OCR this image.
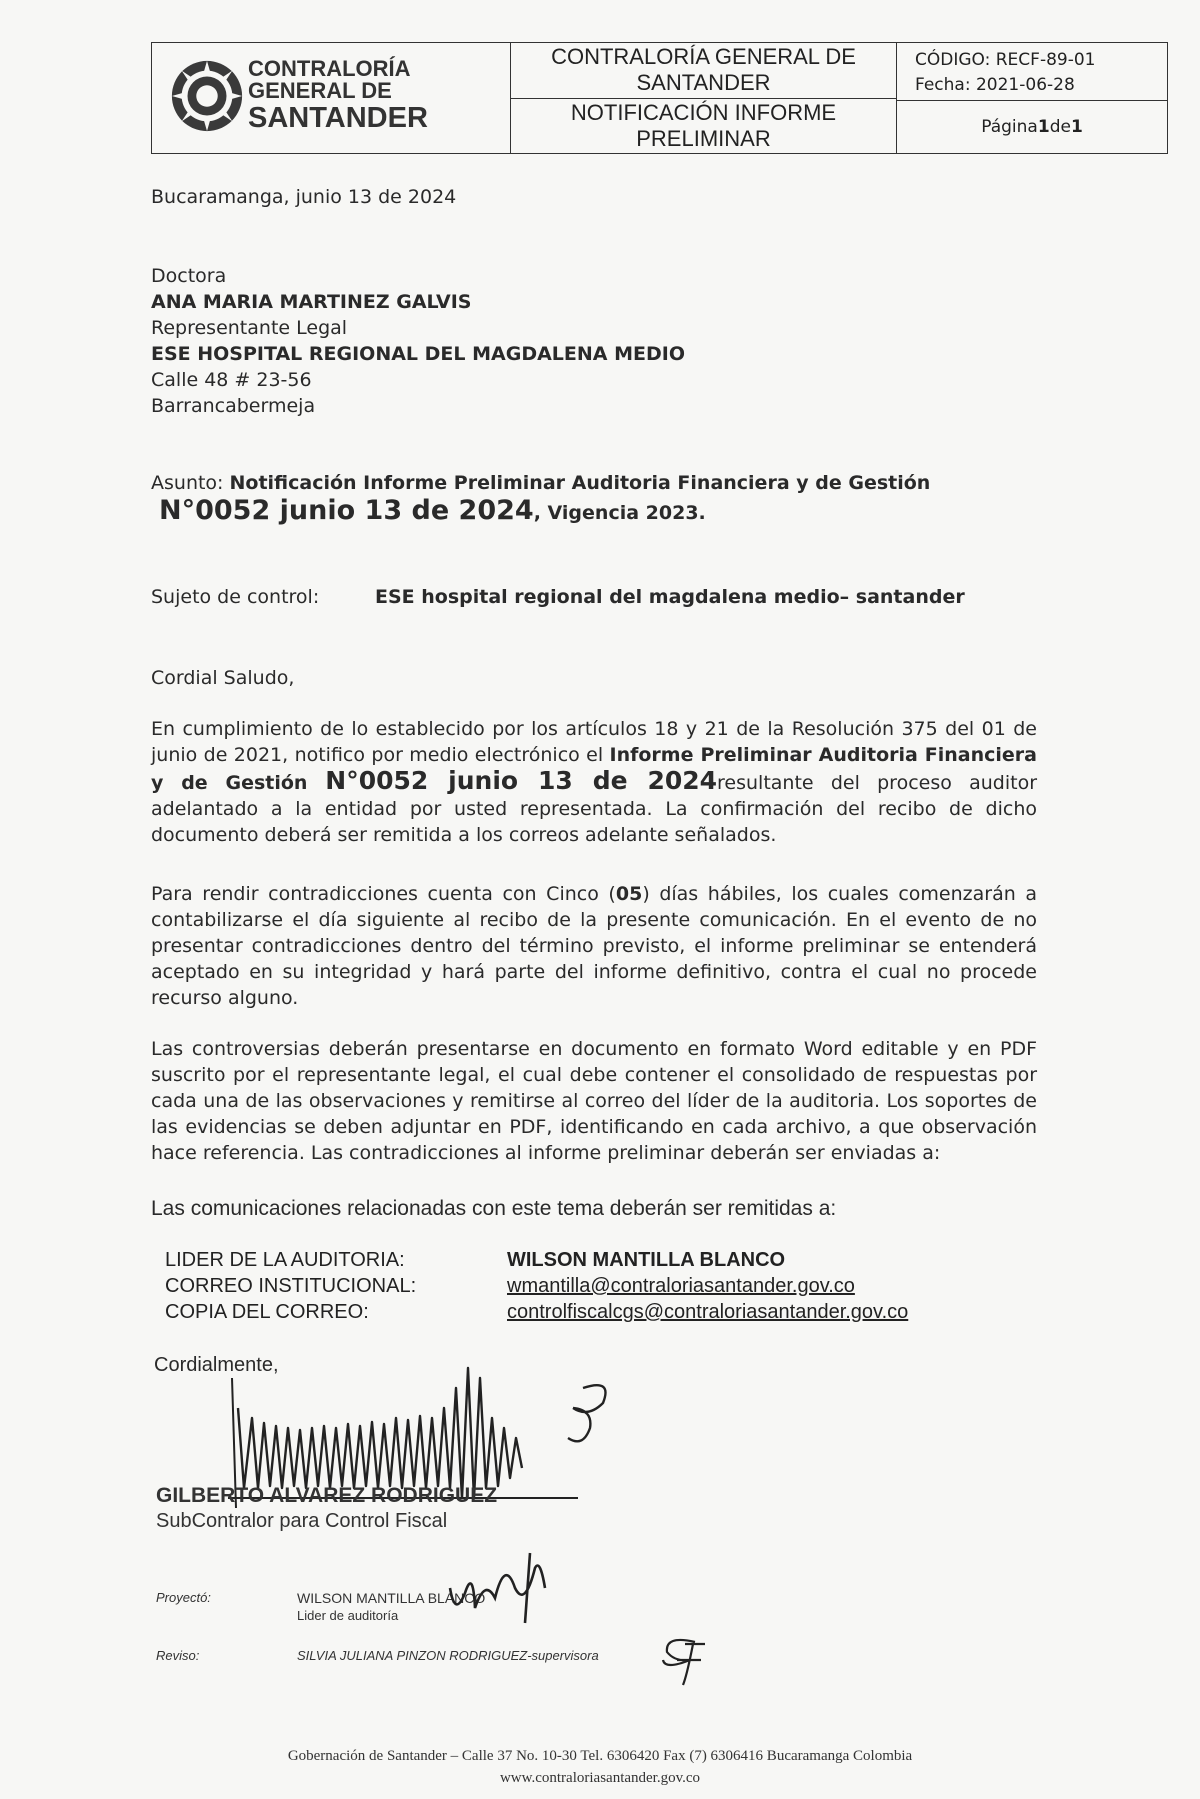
CONTRALORÍA
GENERAL DE
SANTANDER
CONTRALORÍA GENERAL DE SANTANDER
NOTIFICACIÓN INFORME PRELIMINAR
CÓDIGO: RECF-89-01
Fecha: 2021-06-28
Página 1 de 1
Bucaramanga, junio 13 de 2024
Doctora
ANA MARIA MARTINEZ GALVIS
Representante Legal
ESE HOSPITAL REGIONAL DEL MAGDALENA MEDIO
Calle 48 # 23-56
Barrancabermeja
Asunto: Notificación Informe Preliminar Auditoria Financiera y de Gestión
N°0052 junio 13 de 2024, Vigencia 2023.
Sujeto de control:	ESE hospital regional del magdalena medio– santander
Cordial Saludo,
En cumplimiento de lo establecido por los artículos 18 y 21 de la Resolución 375 del 01 de junio de 2021, notifico por medio electrónico el Informe Preliminar Auditoria Financiera y de Gestión N°0052 junio 13 de 2024resultante del proceso auditor adelantado a la entidad por usted representada. La confirmación del recibo de dicho documento deberá ser remitida a los correos adelante señalados.
Para rendir contradicciones cuenta con Cinco (05) días hábiles, los cuales comenzarán a contabilizarse el día siguiente al recibo de la presente comunicación. En el evento de no presentar contradicciones dentro del término previsto, el informe preliminar se entenderá aceptado en su integridad y hará parte del informe definitivo, contra el cual no procede recurso alguno.
Las controversias deberán presentarse en documento en formato Word editable y en PDF suscrito por el representante legal, el cual debe contener el consolidado de respuestas por cada una de las observaciones y remitirse al correo del líder de la auditoria. Los soportes de las evidencias se deben adjuntar en PDF, identificando en cada archivo, a que observación hace referencia. Las contradicciones al informe preliminar deberán ser enviadas a:
Las comunicaciones relacionadas con este tema deberán ser remitidas a:
LIDER DE LA AUDITORIA:	WILSON MANTILLA BLANCO
CORREO INSTITUCIONAL:	wmantilla@contraloriasantander.gov.co
COPIA DEL CORREO:	controlfiscalcgs@contraloriasantander.gov.co
Cordialmente,
GILBERTO ALVAREZ RODRIGUEZ
SubContralor para Control Fiscal
Proyectó:	WILSON MANTILLA BLANCO
Lider de auditoría
Reviso:	SILVIA JULIANA PINZON RODRIGUEZ-supervisora
Gobernación de Santander – Calle 37 No. 10-30 Tel. 6306420 Fax (7) 6306416 Bucaramanga Colombia
www.contraloriasantander.gov.co
